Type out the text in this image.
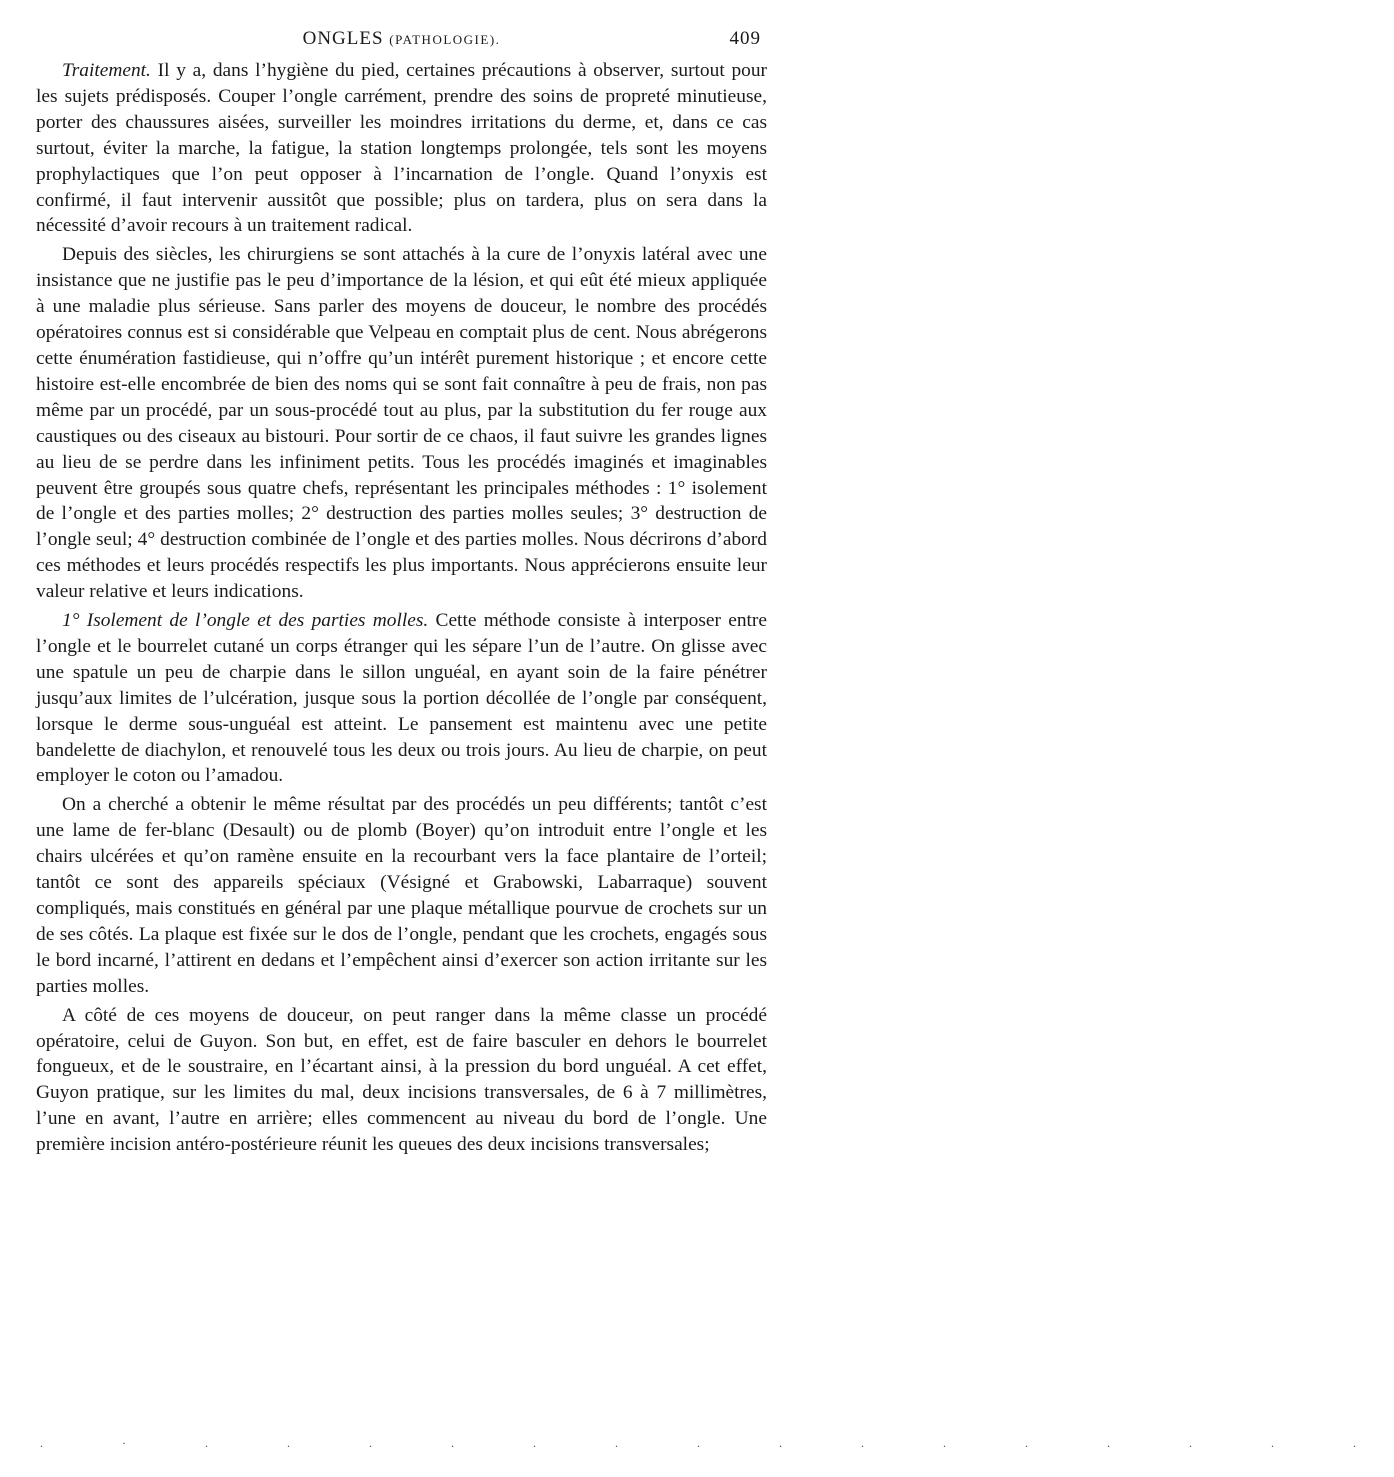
ONGLES (PATHOLOGIE).	409

Traitement. Il y a, dans l’hygiène du pied, certaines précautions à observer, surtout pour les sujets prédisposés. Couper l’ongle carrément, prendre des soins de propreté minutieuse, porter des chaussures aisées, surveiller les moindres irritations du derme, et, dans ce cas surtout, éviter la marche, la fatigue, la station longtemps prolongée, tels sont les moyens prophylactiques que l’on peut opposer à l’incarnation de l’ongle. Quand l’onyxis est confirmé, il faut intervenir aussitôt que possible; plus on tardera, plus on sera dans la nécessité d’avoir recours à un traitement radical.

Depuis des siècles, les chirurgiens se sont attachés à la cure de l’onyxis latéral avec une insistance que ne justifie pas le peu d’importance de la lésion, et qui eût été mieux appliquée à une maladie plus sérieuse. Sans parler des moyens de douceur, le nombre des procédés opératoires connus est si considérable que Velpeau en comptait plus de cent. Nous abrégerons cette énumération fastidieuse, qui n’offre qu’un intérêt purement historique ; et encore cette histoire est-elle encombrée de bien des noms qui se sont fait connaître à peu de frais, non pas même par un procédé, par un sous-procédé tout au plus, par la substitution du fer rouge aux caustiques ou des ciseaux au bistouri. Pour sortir de ce chaos, il faut suivre les grandes lignes au lieu de se perdre dans les infiniment petits. Tous les procédés imaginés et imaginables peuvent être groupés sous quatre chefs, représentant les principales méthodes : 1° isolement de l’ongle et des parties molles; 2° destruction des parties molles seules; 3° destruction de l’ongle seul; 4° destruction combinée de l’ongle et des parties molles. Nous décrirons d’abord ces méthodes et leurs procédés respectifs les plus importants. Nous apprécierons ensuite leur valeur relative et leurs indications.

1° Isolement de l’ongle et des parties molles. Cette méthode consiste à interposer entre l’ongle et le bourrelet cutané un corps étranger qui les sépare l’un de l’autre. On glisse avec une spatule un peu de charpie dans le sillon unguéal, en ayant soin de la faire pénétrer jusqu’aux limites de l’ulcération, jusque sous la portion décollée de l’ongle par conséquent, lorsque le derme sous-unguéal est atteint. Le pansement est maintenu avec une petite bandelette de diachylon, et renouvelé tous les deux ou trois jours. Au lieu de charpie, on peut employer le coton ou l’amadou.

On a cherché a obtenir le même résultat par des procédés un peu différents; tantôt c’est une lame de fer-blanc (Desault) ou de plomb (Boyer) qu’on introduit entre l’ongle et les chairs ulcérées et qu’on ramène ensuite en la recourbant vers la face plantaire de l’orteil; tantôt ce sont des appareils spéciaux (Vésigné et Grabowski, Labarraque) souvent compliqués, mais constitués en général par une plaque métallique pourvue de crochets sur un de ses côtés. La plaque est fixée sur le dos de l’ongle, pendant que les crochets, engagés sous le bord incarné, l’attirent en dedans et l’empêchent ainsi d’exercer son action irritante sur les parties molles.

A côté de ces moyens de douceur, on peut ranger dans la même classe un procédé opératoire, celui de Guyon. Son but, en effet, est de faire basculer en dehors le bourrelet fongueux, et de le soustraire, en l’écartant ainsi, à la pression du bord unguéal. A cet effet, Guyon pratique, sur les limites du mal, deux incisions transversales, de 6 à 7 millimètres, l’une en avant, l’autre en arrière; elles commencent au niveau du bord de l’ongle. Une première incision antéro-postérieure réunit les queues des deux incisions transversales;

. · . . . . . . . . . . . . . . .
